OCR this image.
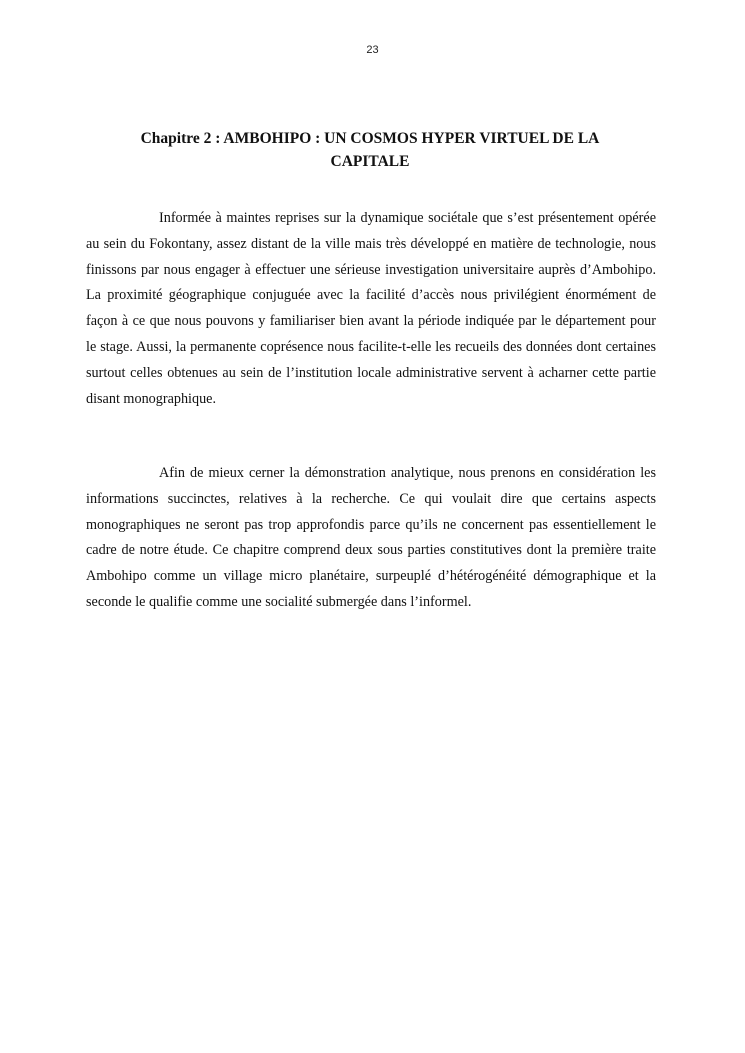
23
Chapitre 2 : AMBOHIPO : UN COSMOS HYPER VIRTUEL DE LA CAPITALE

Informée à maintes reprises sur la dynamique sociétale que s’est présentement opérée au sein du Fokontany, assez distant de la ville mais très développé en matière de technologie, nous finissons par nous engager à effectuer une sérieuse investigation universitaire auprès d’Ambohipo. La proximité géographique conjuguée avec la facilité d’accès nous privilégient énormément de façon à ce que nous pouvons y familiariser bien avant la période indiquée par le département pour le stage. Aussi, la permanente coprésence nous facilite-t-elle les recueils des données dont certaines surtout celles obtenues au sein de l’institution locale administrative servent à acharner cette partie disant monographique.

Afin de mieux cerner la démonstration analytique, nous prenons en considération les informations succinctes, relatives à la recherche. Ce qui voulait dire que certains aspects monographiques ne seront pas trop approfondis parce qu’ils ne concernent pas essentiellement le cadre de notre étude. Ce chapitre comprend deux sous parties constitutives dont la première traite Ambohipo comme un village micro planétaire, surpeuplé d’hétérogénéité démographique et la seconde le qualifie comme une socialité submergée dans l’informel.
